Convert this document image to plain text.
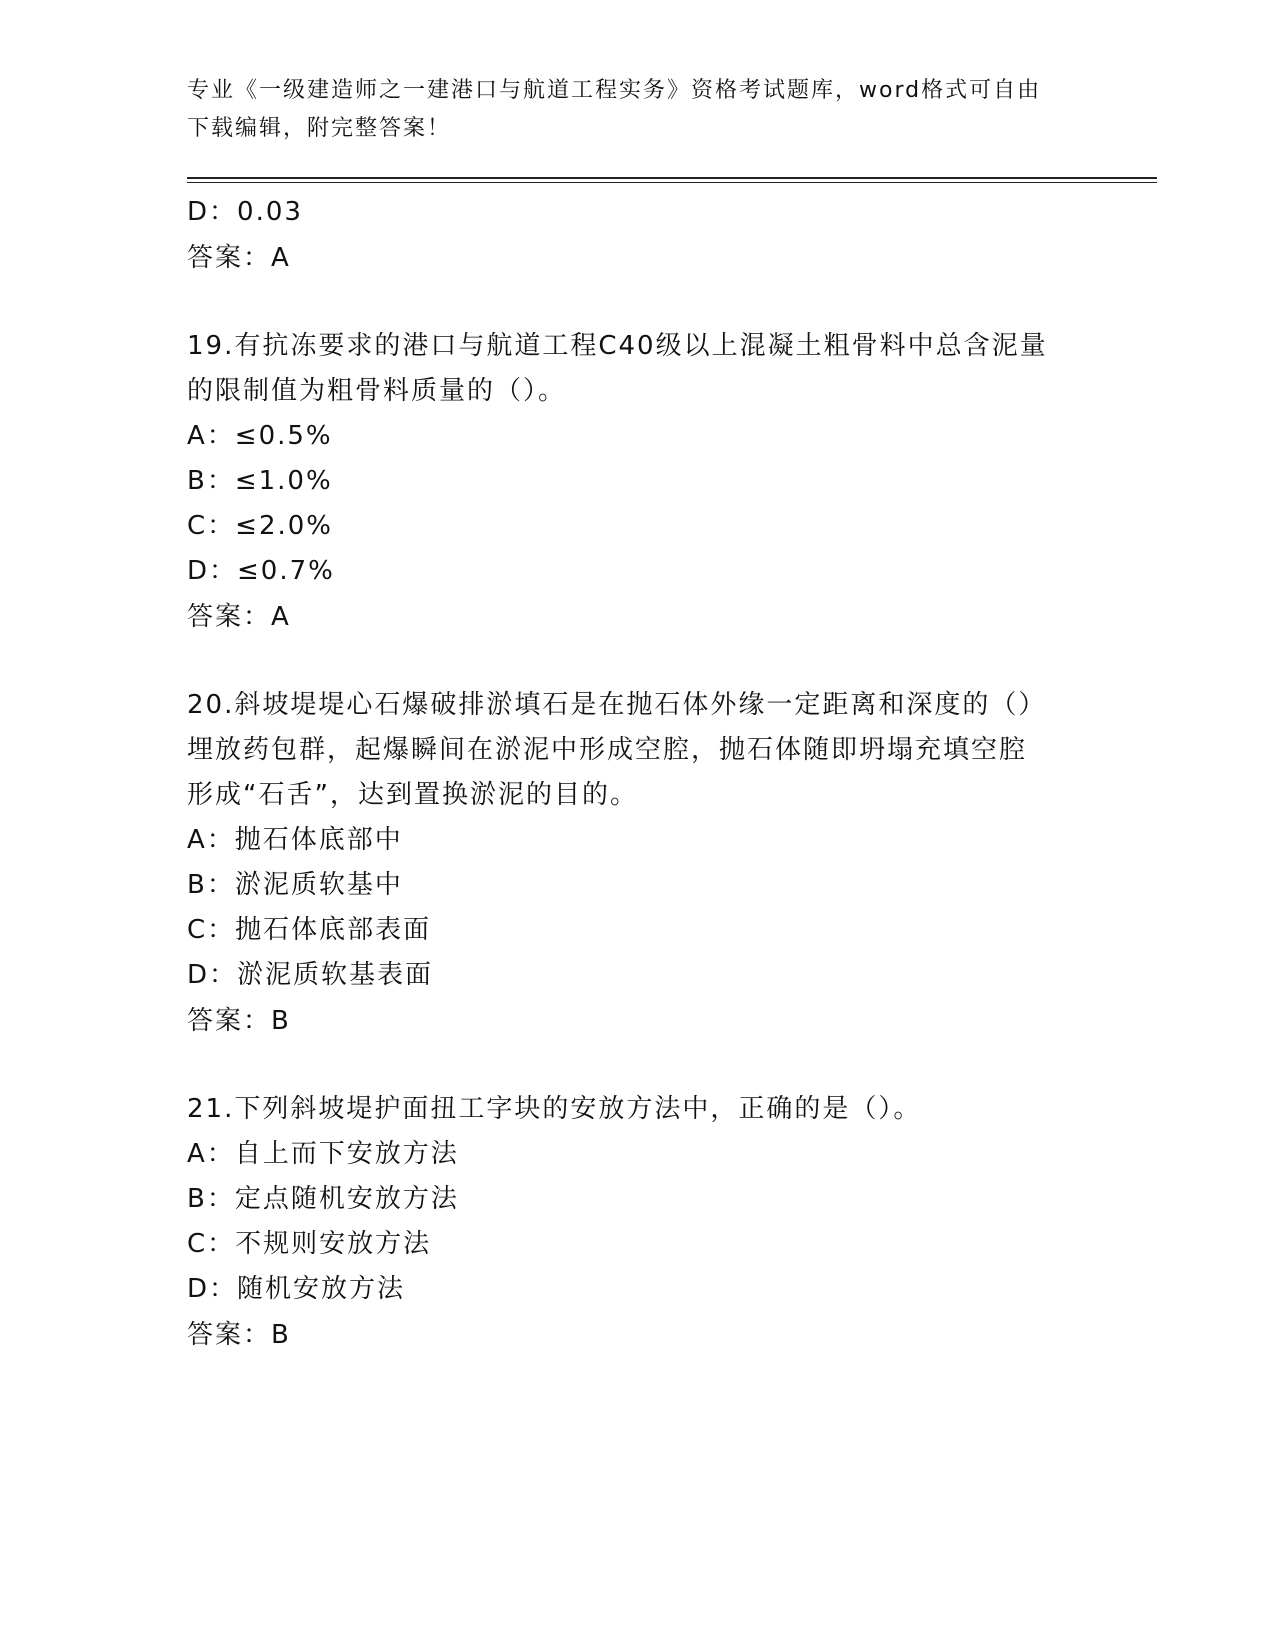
专业《一级建造师之一建港口与航道工程实务》资格考试题库，word格式可自由
下载编辑，附完整答案！
D：0.03
答案：A
19.有抗冻要求的港口与航道工程C40级以上混凝土粗骨料中总含泥量
的限制值为粗骨料质量的（）。
A：≤0.5%
B：≤1.0%
C：≤2.0%
D：≤0.7%
答案：A
20.斜坡堤堤心石爆破排淤填石是在抛石体外缘一定距离和深度的（）
埋放药包群，起爆瞬间在淤泥中形成空腔，抛石体随即坍塌充填空腔
形成“石舌”，达到置换淤泥的目的。
A：抛石体底部中
B：淤泥质软基中
C：抛石体底部表面
D：淤泥质软基表面
答案：B
21.下列斜坡堤护面扭工字块的安放方法中，正确的是（）。
A：自上而下安放方法
B：定点随机安放方法
C：不规则安放方法
D：随机安放方法
答案：B
